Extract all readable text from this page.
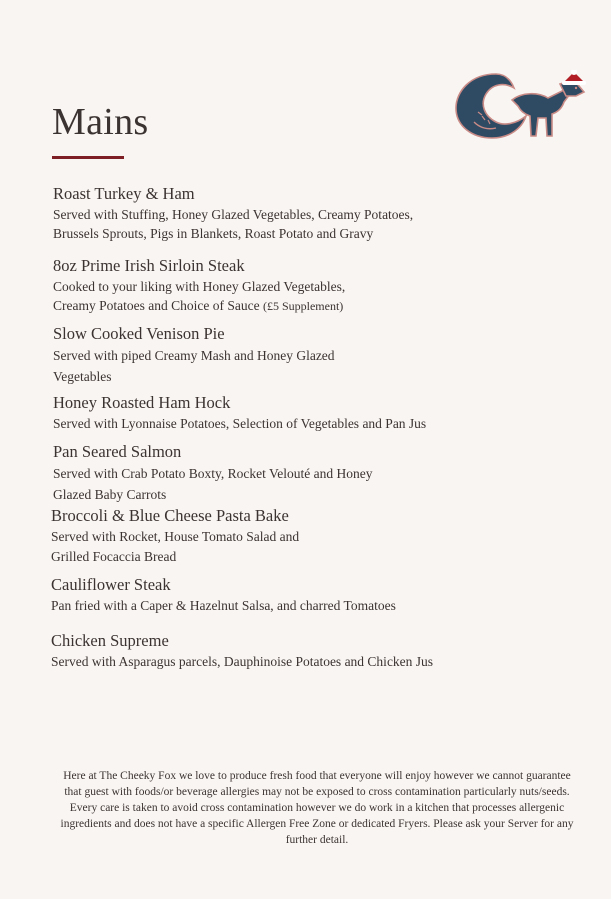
Mains

Roast Turkey & Ham

Served with Stuffing, Honey Glazed Vegetables, Creamy Potatoes,
Brussels Sprouts, Pigs in Blankets, Roast Potato and Gravy

8oz Prime Irish Sirloin Steak

Cooked to your liking with Honey Glazed Vegetables,
Creamy Potatoes and Choice of Sauce (£5 Supplement)

Slow Cooked Venison Pie

Served with piped Creamy Mash and Honey Glazed
Vegetables

Honey Roasted Ham Hock

Served with Lyonnaise Potatoes, Selection of Vegetables and Pan Jus

Pan Seared Salmon

Served with Crab Potato Boxty, Rocket Velouté and Honey
Glazed Baby Carrots

Broccoli & Blue Cheese Pasta Bake

Served with Rocket, House Tomato Salad and
Grilled Focaccia Bread

Cauliflower Steak

Pan fried with a Caper & Hazelnut Salsa, and charred Tomatoes

Chicken Supreme

Served with Asparagus parcels, Dauphinoise Potatoes and Chicken Jus

Here at The Cheeky Fox we love to produce fresh food that everyone will enjoy however we cannot guarantee
that guest with foods/or beverage allergies may not be exposed to cross contamination particularly nuts/seeds.
Every care is taken to avoid cross contamination however we do work in a kitchen that processes allergenic
ingredients and does not have a specific Allergen Free Zone or dedicated Fryers. Please ask your Server for any
further detail.
